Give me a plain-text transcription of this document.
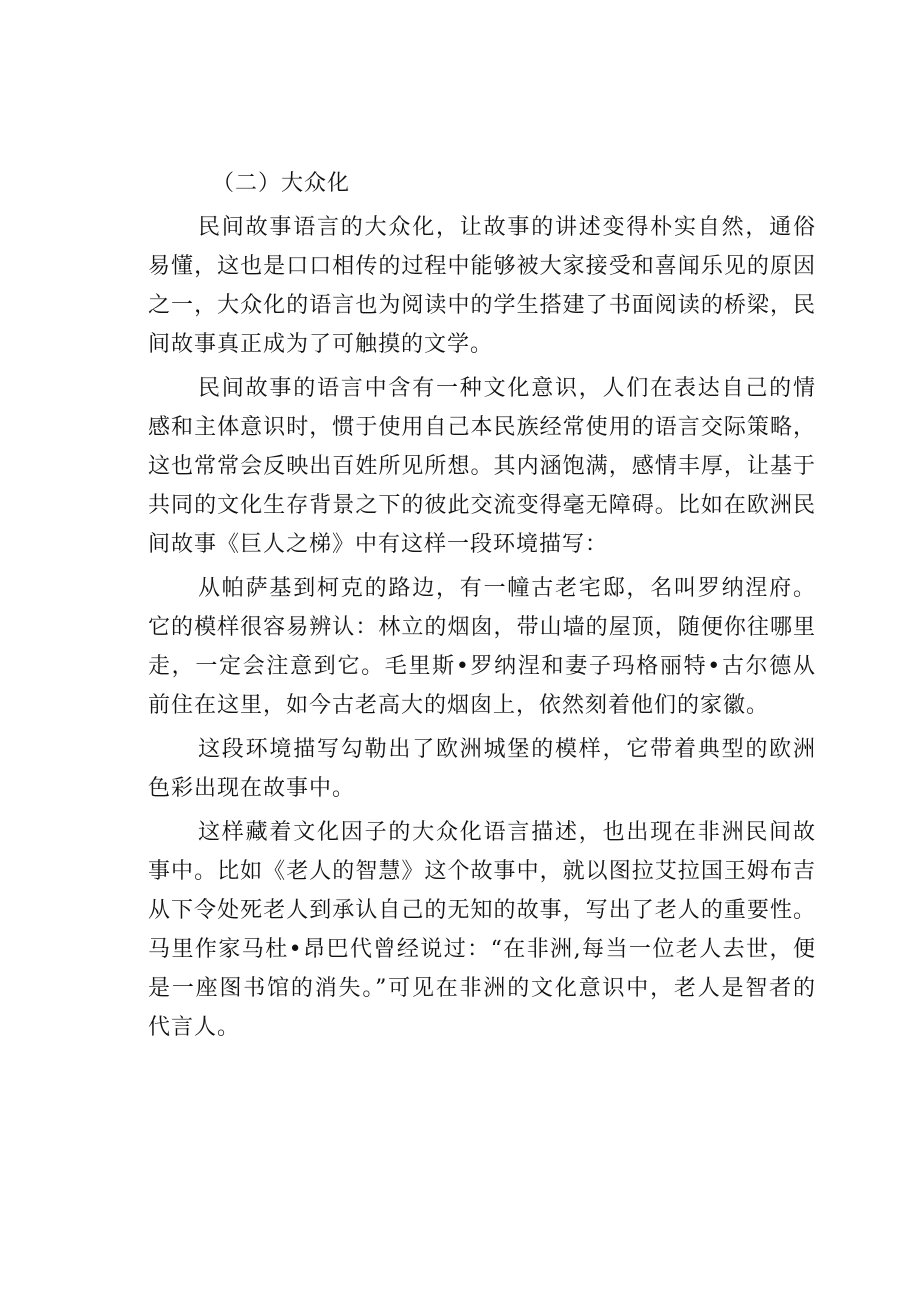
（二）大众化

民间故事语言的大众化，让故事的讲述变得朴实自然，通俗易懂，这也是口口相传的过程中能够被大家接受和喜闻乐见的原因之一，大众化的语言也为阅读中的学生搭建了书面阅读的桥梁，民间故事真正成为了可触摸的文学。

民间故事的语言中含有一种文化意识，人们在表达自己的情感和主体意识时，惯于使用自己本民族经常使用的语言交际策略，这也常常会反映出百姓所见所想。其内涵饱满，感情丰厚，让基于共同的文化生存背景之下的彼此交流变得毫无障碍。比如在欧洲民间故事《巨人之梯》中有这样一段环境描写：

从帕萨基到柯克的路边，有一幢古老宅邸，名叫罗纳涅府。它的模样很容易辨认：林立的烟囱，带山墙的屋顶，随便你往哪里走，一定会注意到它。毛里斯•罗纳涅和妻子玛格丽特•古尔德从前住在这里，如今古老高大的烟囱上，依然刻着他们的家徽。

这段环境描写勾勒出了欧洲城堡的模样，它带着典型的欧洲色彩出现在故事中。

这样藏着文化因子的大众化语言描述，也出现在非洲民间故事中。比如《老人的智慧》这个故事中，就以图拉艾拉国王姆布吉从下令处死老人到承认自己的无知的故事，写出了老人的重要性。马里作家马杜•昂巴代曾经说过：“在非洲,每当一位老人去世，便是一座图书馆的消失。”可见在非洲的文化意识中，老人是智者的代言人。
